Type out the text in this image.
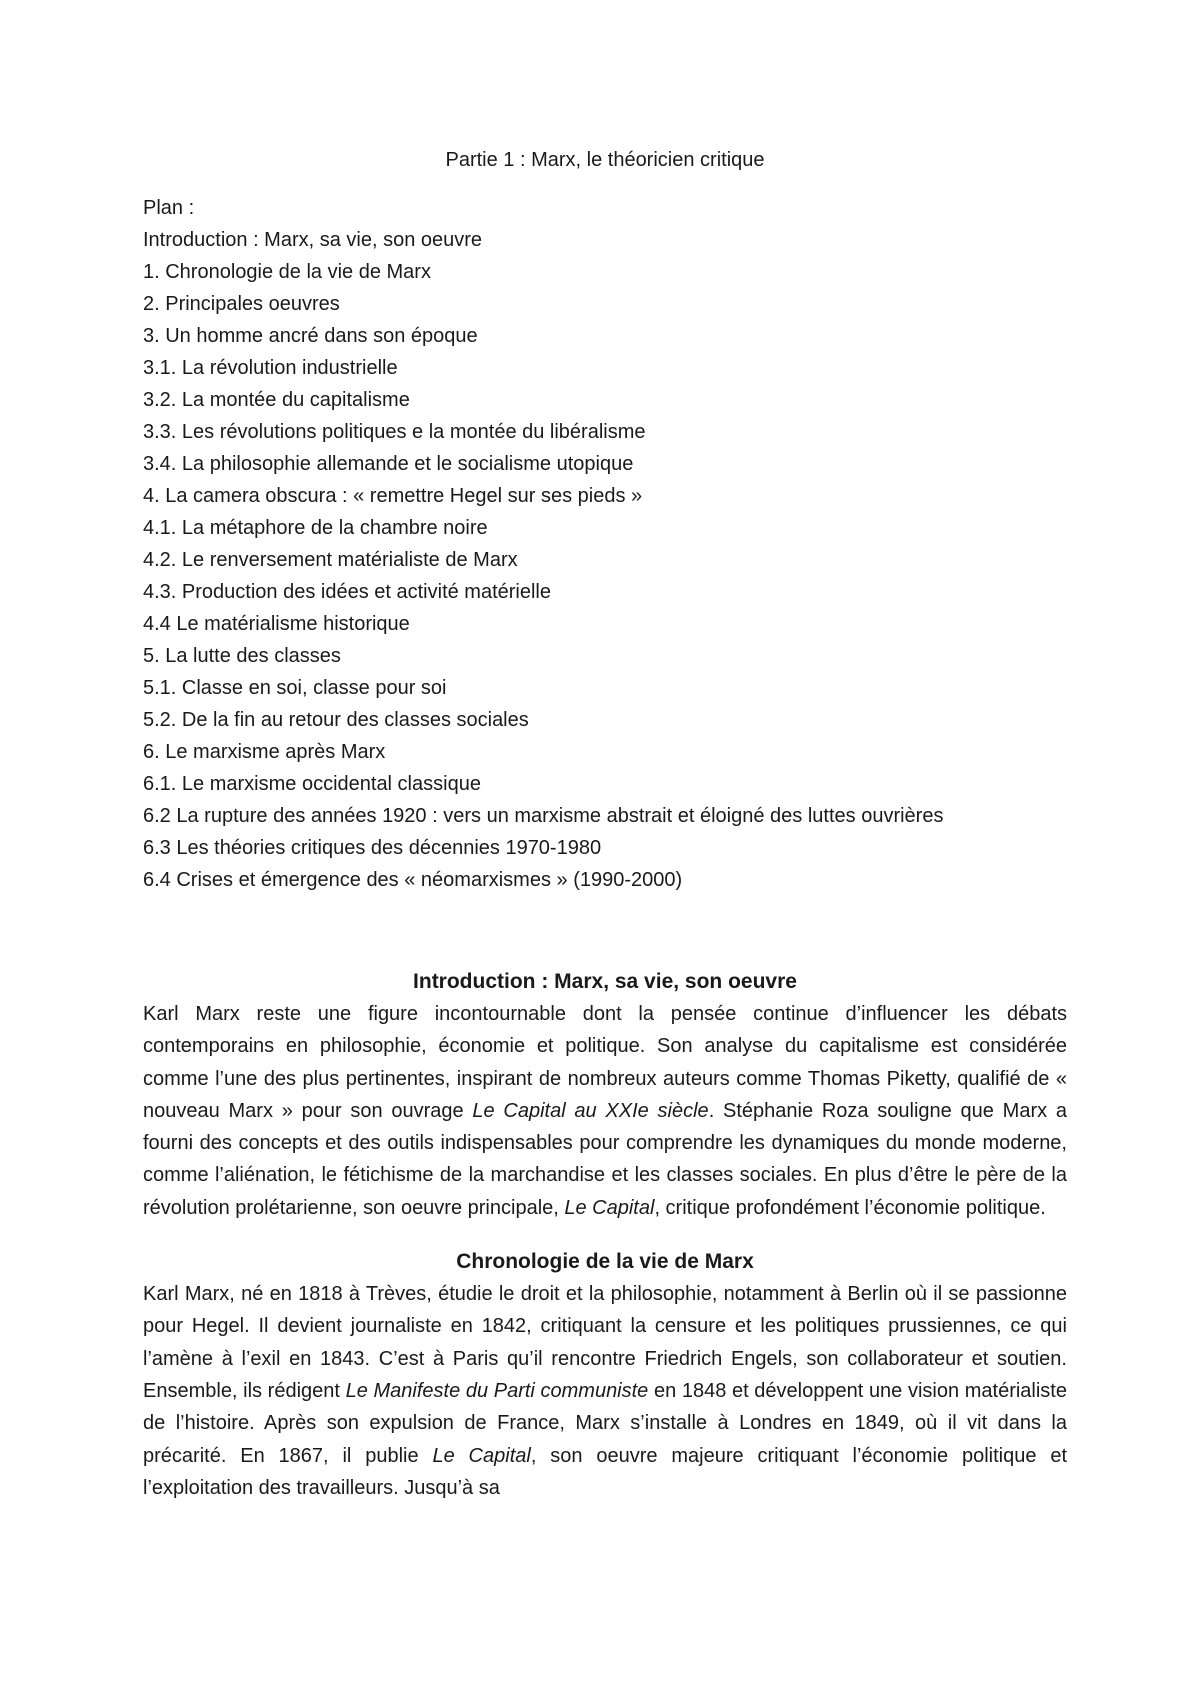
Partie 1 : Marx, le théoricien critique
Plan :
Introduction : Marx, sa vie, son oeuvre
1. Chronologie de la vie de Marx
2. Principales oeuvres
3. Un homme ancré dans son époque
3.1. La révolution industrielle
3.2. La montée du capitalisme
3.3. Les révolutions politiques e la montée du libéralisme
3.4. La philosophie allemande et le socialisme utopique
4. La camera obscura : « remettre Hegel sur ses pieds »
4.1. La métaphore de la chambre noire
4.2. Le renversement matérialiste de Marx
4.3. Production des idées et activité matérielle
4.4 Le matérialisme historique
5. La lutte des classes
5.1. Classe en soi, classe pour soi
5.2. De la fin au retour des classes sociales
6. Le marxisme après Marx
6.1. Le marxisme occidental classique
6.2 La rupture des années 1920 : vers un marxisme abstrait et éloigné des luttes ouvrières
6.3 Les théories critiques des décennies 1970-1980
6.4 Crises et émergence des « néomarxismes » (1990-2000)
Introduction : Marx, sa vie, son oeuvre

Karl Marx reste une figure incontournable dont la pensée continue d’influencer les débats contemporains en philosophie, économie et politique. Son analyse du capitalisme est considérée comme l’une des plus pertinentes, inspirant de nombreux auteurs comme Thomas Piketty, qualifié de « nouveau Marx » pour son ouvrage Le Capital au XXIe siècle. Stéphanie Roza souligne que Marx a fourni des concepts et des outils indispensables pour comprendre les dynamiques du monde moderne, comme l’aliénation, le fétichisme de la marchandise et les classes sociales. En plus d’être le père de la révolution prolétarienne, son oeuvre principale, Le Capital, critique profondément l’économie politique.

Chronologie de la vie de Marx

Karl Marx, né en 1818 à Trèves, étudie le droit et la philosophie, notamment à Berlin où il se passionne pour Hegel. Il devient journaliste en 1842, critiquant la censure et les politiques prussiennes, ce qui l’amène à l’exil en 1843. C’est à Paris qu’il rencontre Friedrich Engels, son collaborateur et soutien. Ensemble, ils rédigent Le Manifeste du Parti communiste en 1848 et développent une vision matérialiste de l’histoire. Après son expulsion de France, Marx s’installe à Londres en 1849, où il vit dans la précarité. En 1867, il publie Le Capital, son oeuvre majeure critiquant l’économie politique et l’exploitation des travailleurs. Jusqu’à sa
